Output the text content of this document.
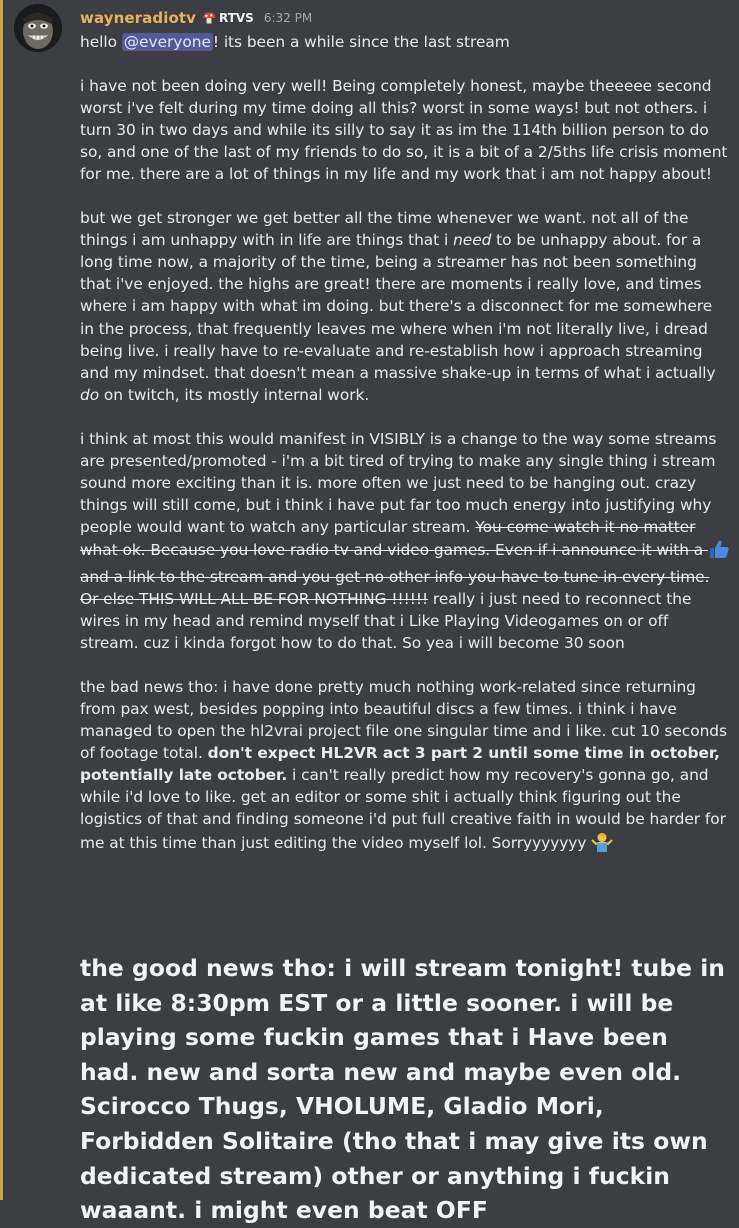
wayneradiotv RTVS 6:32 PM

hello @everyone ! its been a while since the last stream

i have not been doing very well! Being completely honest, maybe theeeee second worst i've felt during my time doing all this? worst in some ways! but not others. i turn 30 in two days and while its silly to say it as im the 114th billion person to do so, and one of the last of my friends to do so, it is a bit of a 2/5ths life crisis moment for me. there are a lot of things in my life and my work that i am not happy about!

but we get stronger we get better all the time whenever we want. not all of the things i am unhappy with in life are things that i need to be unhappy about. for a long time now, a majority of the time, being a streamer has not been something that i've enjoyed. the highs are great! there are moments i really love, and times where i am happy with what im doing. but there's a disconnect for me somewhere in the process, that frequently leaves me where when i'm not literally live, i dread being live. i really have to re-evaluate and re-establish how i approach streaming and my mindset. that doesn't mean a massive shake-up in terms of what i actually do on twitch, its mostly internal work.

i think at most this would manifest in VISIBLY is a change to the way some streams are presented/promoted - i'm a bit tired of trying to make any single thing i stream sound more exciting than it is. more often we just need to be hanging out. crazy things will still come, but i think i have put far too much energy into justifying why people would want to watch any particular stream. You come watch it no matter what ok. Because you love radio tv and video games. Even if i announce it with a  and a link to the stream and you get no other info you have to tune in every time. Or else THIS WILL ALL BE FOR NOTHING !!!!!! really i just need to reconnect the wires in my head and remind myself that i Like Playing Videogames on or off stream. cuz i kinda forgot how to do that. So yea i will become 30 soon

the bad news tho: i have done pretty much nothing work-related since returning from pax west, besides popping into beautiful discs a few times. i think i have managed to open the hl2vrai project file one singular time and i like. cut 10 seconds of footage total. don't expect HL2VR act 3 part 2 until some time in october, potentially late october. i can't really predict how my recovery's gonna go, and while i'd love to like. get an editor or some shit i actually think figuring out the logistics of that and finding someone i'd put full creative faith in would be harder for me at this time than just editing the video myself lol. Sorryyyyyyy

the good news tho: i will stream tonight! tube in at like 8:30pm EST or a little sooner. i will be playing some fuckin games that i Have been had. new and sorta new and maybe even old. Scirocco Thugs, VHOLUME, Gladio Mori, Forbidden Solitaire (tho that i may give its own dedicated stream) other or anything i fuckin waaant. i might even beat OFF
